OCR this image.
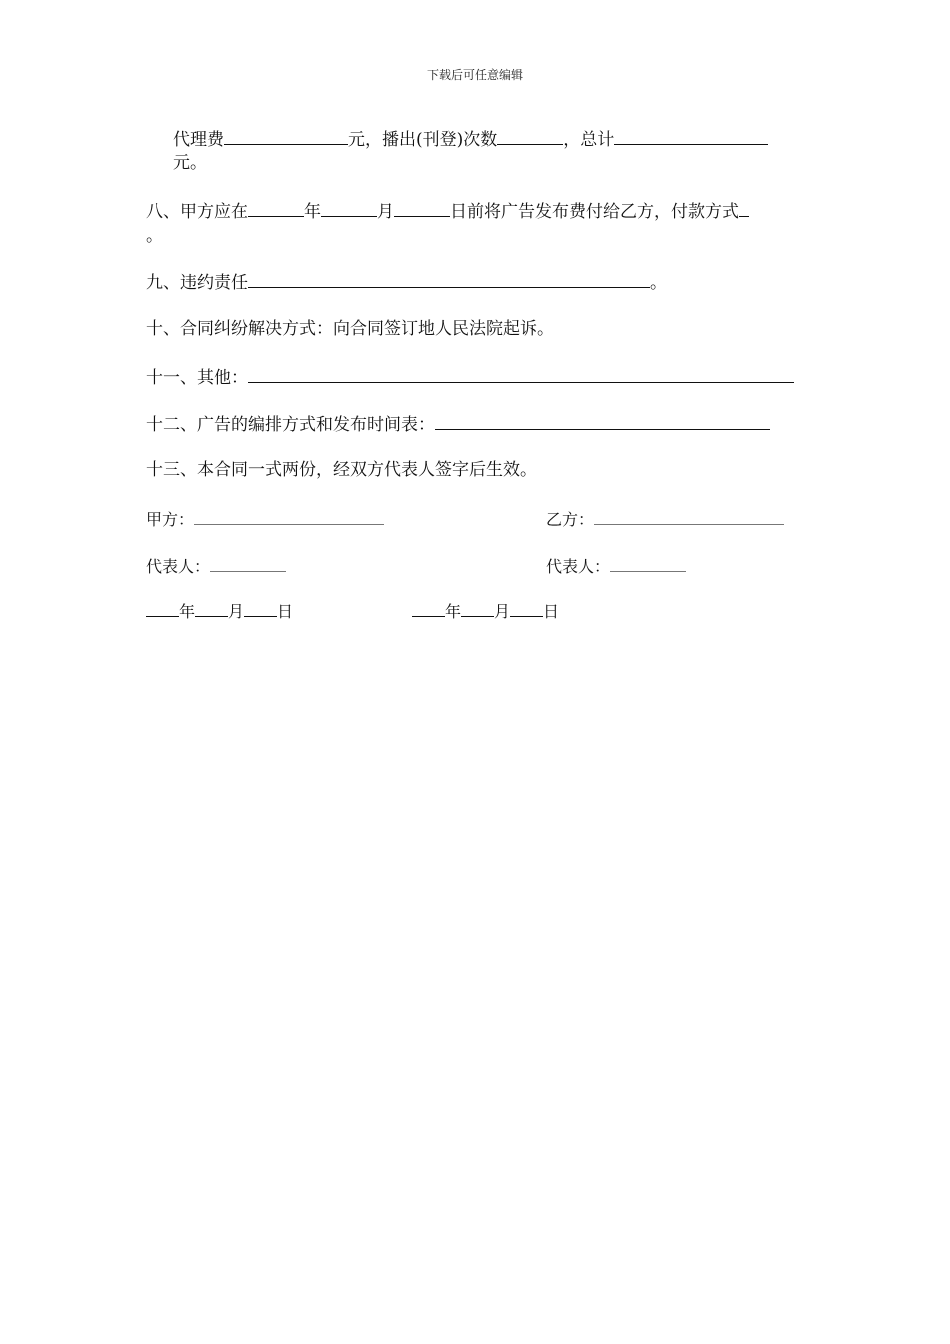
下载后可任意编辑
代理费	元，播出(刊登)次数	，总计
元。
八、甲方应在	年	月	日前将广告发布费付给乙方，付款方式
。
九、违约责任	。
十、合同纠纷解决方式：向合同签订地人民法院起诉。
十一、其他：
十二、广告的编排方式和发布时间表：
十三、本合同一式两份，经双方代表人签字后生效。
甲方：	乙方：
代表人：	代表人：
年 月 日	年 月 日
